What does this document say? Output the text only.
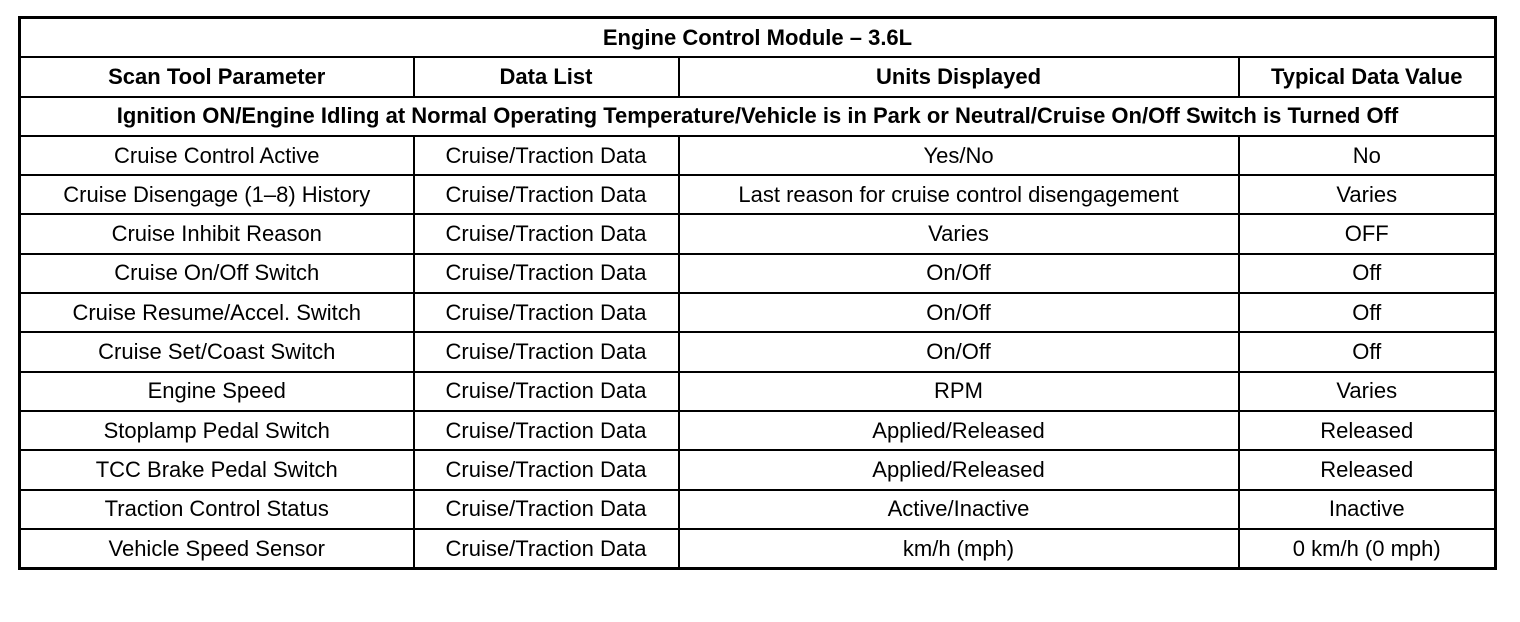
Engine Control Module – 3.6L			
Scan Tool Parameter	Data List	Units Displayed	Typical Data Value
Ignition ON/Engine Idling at Normal Operating Temperature/Vehicle is in Park or Neutral/Cruise On/Off Switch is Turned Off			
Cruise Control Active	Cruise/Traction Data	Yes/No	No
Cruise Disengage (1–8) History	Cruise/Traction Data	Last reason for cruise control disengagement	Varies
Cruise Inhibit Reason	Cruise/Traction Data	Varies	OFF
Cruise On/Off Switch	Cruise/Traction Data	On/Off	Off
Cruise Resume/Accel. Switch	Cruise/Traction Data	On/Off	Off
Cruise Set/Coast Switch	Cruise/Traction Data	On/Off	Off
Engine Speed	Cruise/Traction Data	RPM	Varies
Stoplamp Pedal Switch	Cruise/Traction Data	Applied/Released	Released
TCC Brake Pedal Switch	Cruise/Traction Data	Applied/Released	Released
Traction Control Status	Cruise/Traction Data	Active/Inactive	Inactive
Vehicle Speed Sensor	Cruise/Traction Data	km/h (mph)	0 km/h (0 mph)
